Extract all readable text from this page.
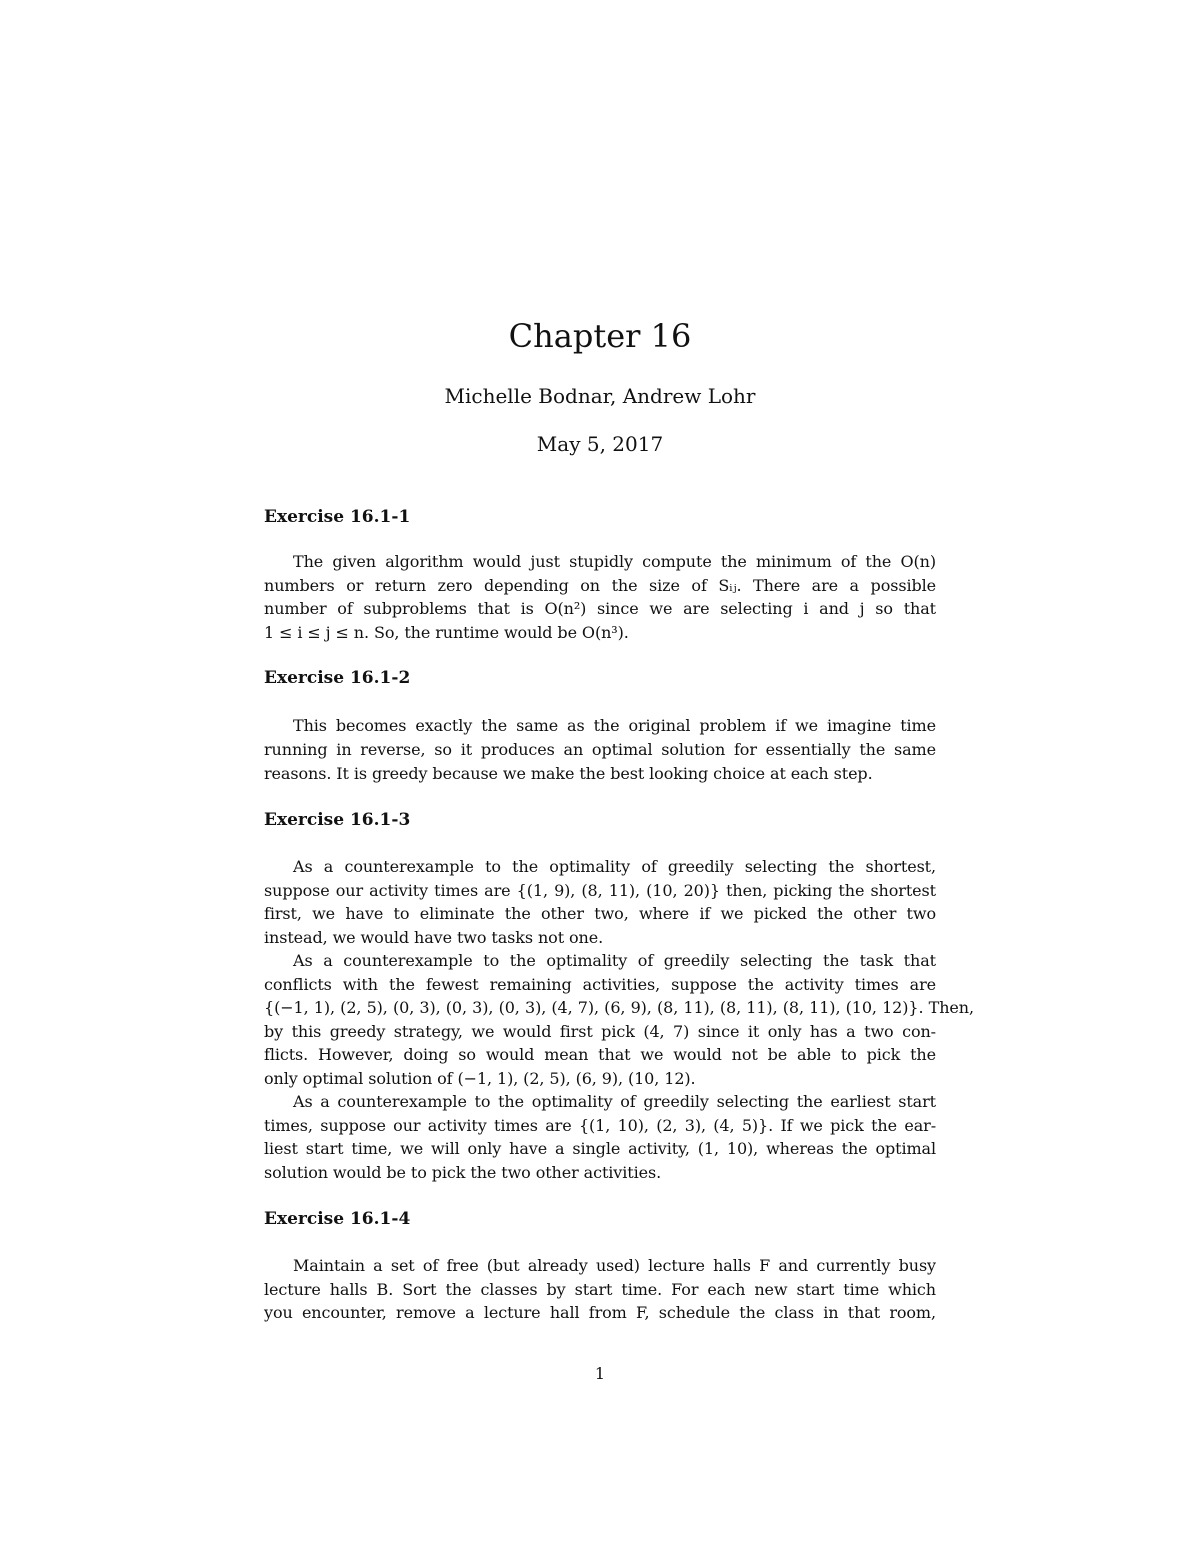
Chapter 16
Michelle Bodnar, Andrew Lohr
May 5, 2017
Exercise 16.1-1
The given algorithm would just stupidly compute the minimum of the O(n)
numbers or return zero depending on the size of Sᵢⱼ. There are a possible
number of subproblems that is O(n²) since we are selecting i and j so that
1 ≤ i ≤ j ≤ n. So, the runtime would be O(n³).
Exercise 16.1-2
This becomes exactly the same as the original problem if we imagine time
running in reverse, so it produces an optimal solution for essentially the same
reasons. It is greedy because we make the best looking choice at each step.
Exercise 16.1-3
As a counterexample to the optimality of greedily selecting the shortest,
suppose our activity times are {(1, 9), (8, 11), (10, 20)} then, picking the shortest
first, we have to eliminate the other two, where if we picked the other two
instead, we would have two tasks not one.
As a counterexample to the optimality of greedily selecting the task that
conflicts with the fewest remaining activities, suppose the activity times are
{(−1, 1), (2, 5), (0, 3), (0, 3), (0, 3), (4, 7), (6, 9), (8, 11), (8, 11), (8, 11), (10, 12)}. Then,
by this greedy strategy, we would first pick (4, 7) since it only has a two con-
flicts. However, doing so would mean that we would not be able to pick the
only optimal solution of (−1, 1), (2, 5), (6, 9), (10, 12).
As a counterexample to the optimality of greedily selecting the earliest start
times, suppose our activity times are {(1, 10), (2, 3), (4, 5)}. If we pick the ear-
liest start time, we will only have a single activity, (1, 10), whereas the optimal
solution would be to pick the two other activities.
Exercise 16.1-4
Maintain a set of free (but already used) lecture halls F and currently busy
lecture halls B. Sort the classes by start time. For each new start time which
you encounter, remove a lecture hall from F, schedule the class in that room,
1
